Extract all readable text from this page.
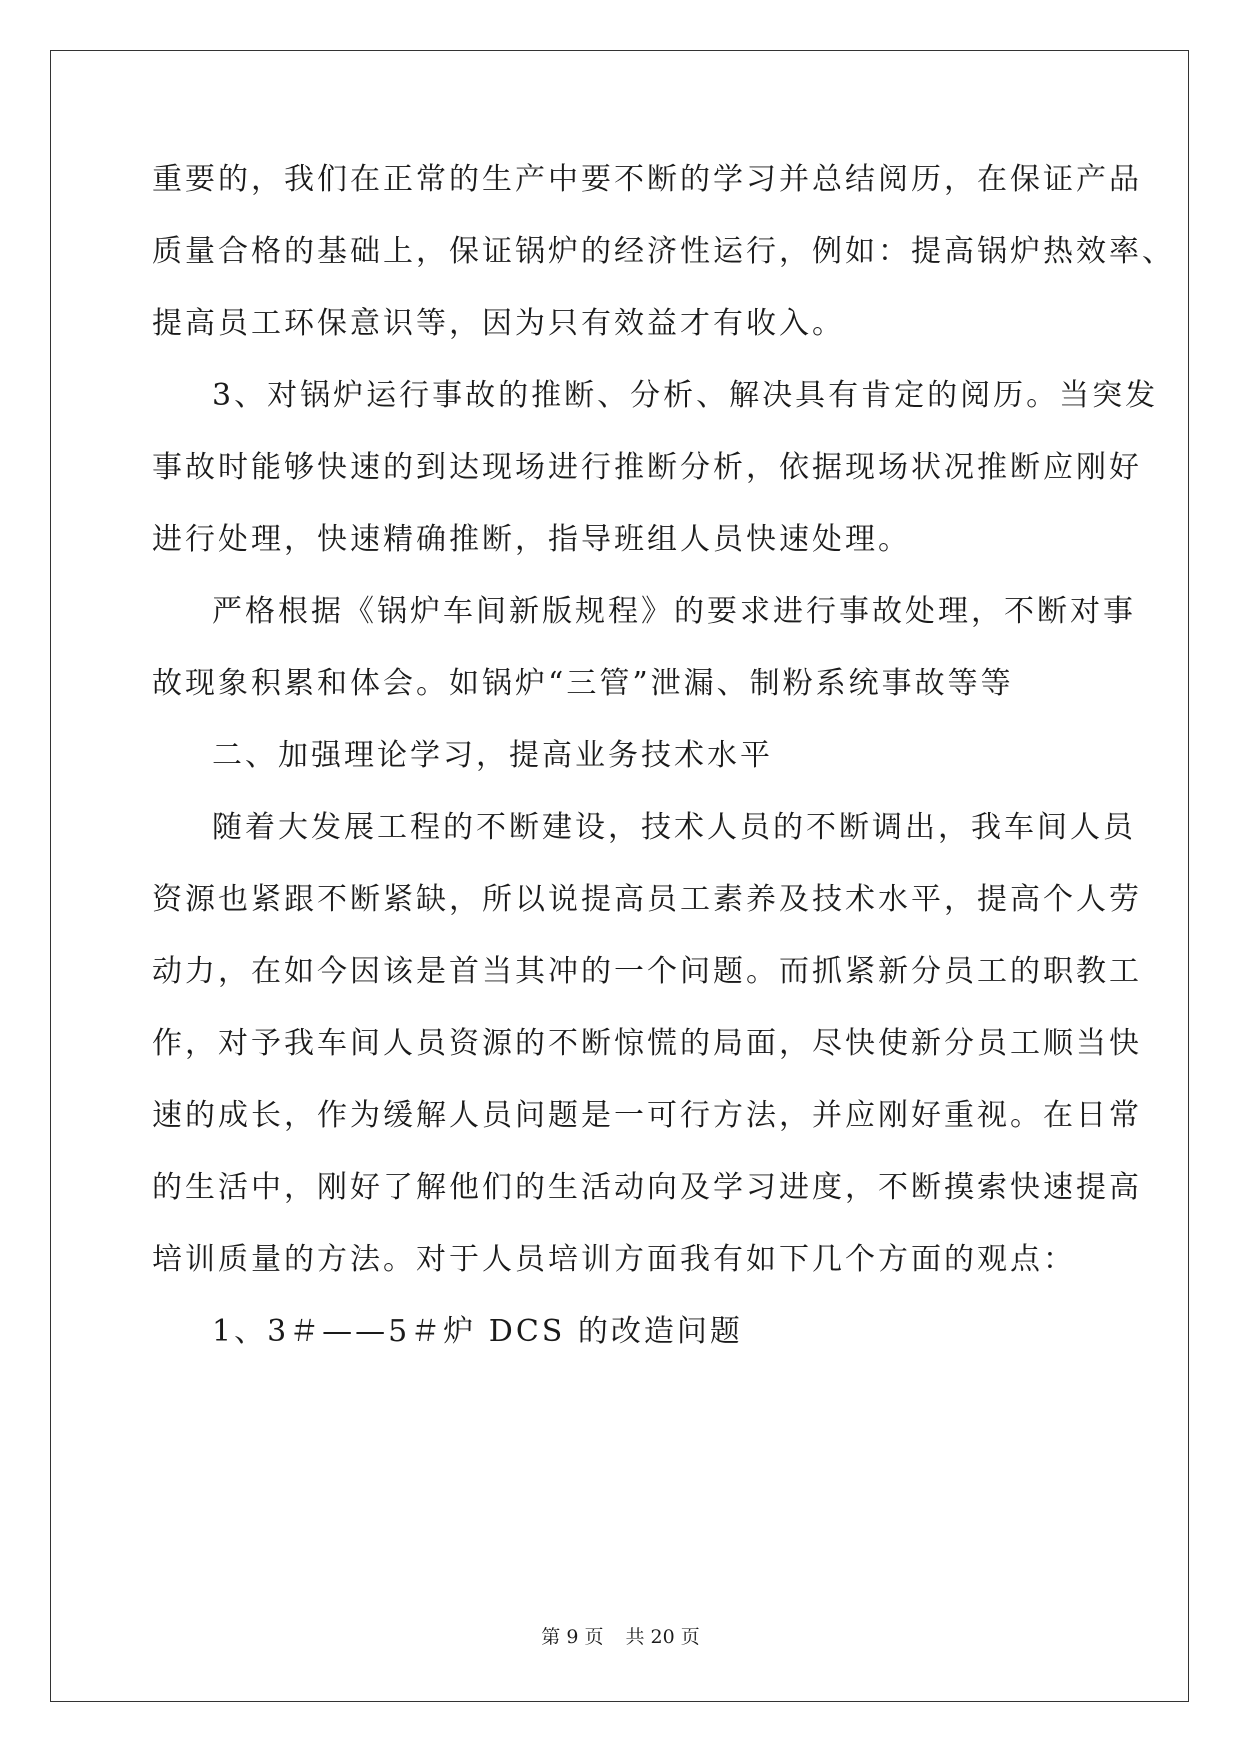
重要的，我们在正常的生产中要不断的学习并总结阅历，在保证产品
质量合格的基础上，保证锅炉的经济性运行，例如：提高锅炉热效率、
提高员工环保意识等，因为只有效益才有收入。
3、对锅炉运行事故的推断、分析、解决具有肯定的阅历。当突发
事故时能够快速的到达现场进行推断分析，依据现场状况推断应刚好
进行处理，快速精确推断，指导班组人员快速处理。
严格根据《锅炉车间新版规程》的要求进行事故处理，不断对事
故现象积累和体会。如锅炉“三管”泄漏、制粉系统事故等等
二、加强理论学习，提高业务技术水平
随着大发展工程的不断建设，技术人员的不断调出，我车间人员
资源也紧跟不断紧缺，所以说提高员工素养及技术水平，提高个人劳
动力，在如今因该是首当其冲的一个问题。而抓紧新分员工的职教工
作，对予我车间人员资源的不断惊慌的局面，尽快使新分员工顺当快
速的成长，作为缓解人员问题是一可行方法，并应刚好重视。在日常
的生活中，刚好了解他们的生活动向及学习进度，不断摸索快速提高
培训质量的方法。对于人员培训方面我有如下几个方面的观点：
1、3＃——5＃炉 DCS 的改造问题
第 9 页 共 20 页
